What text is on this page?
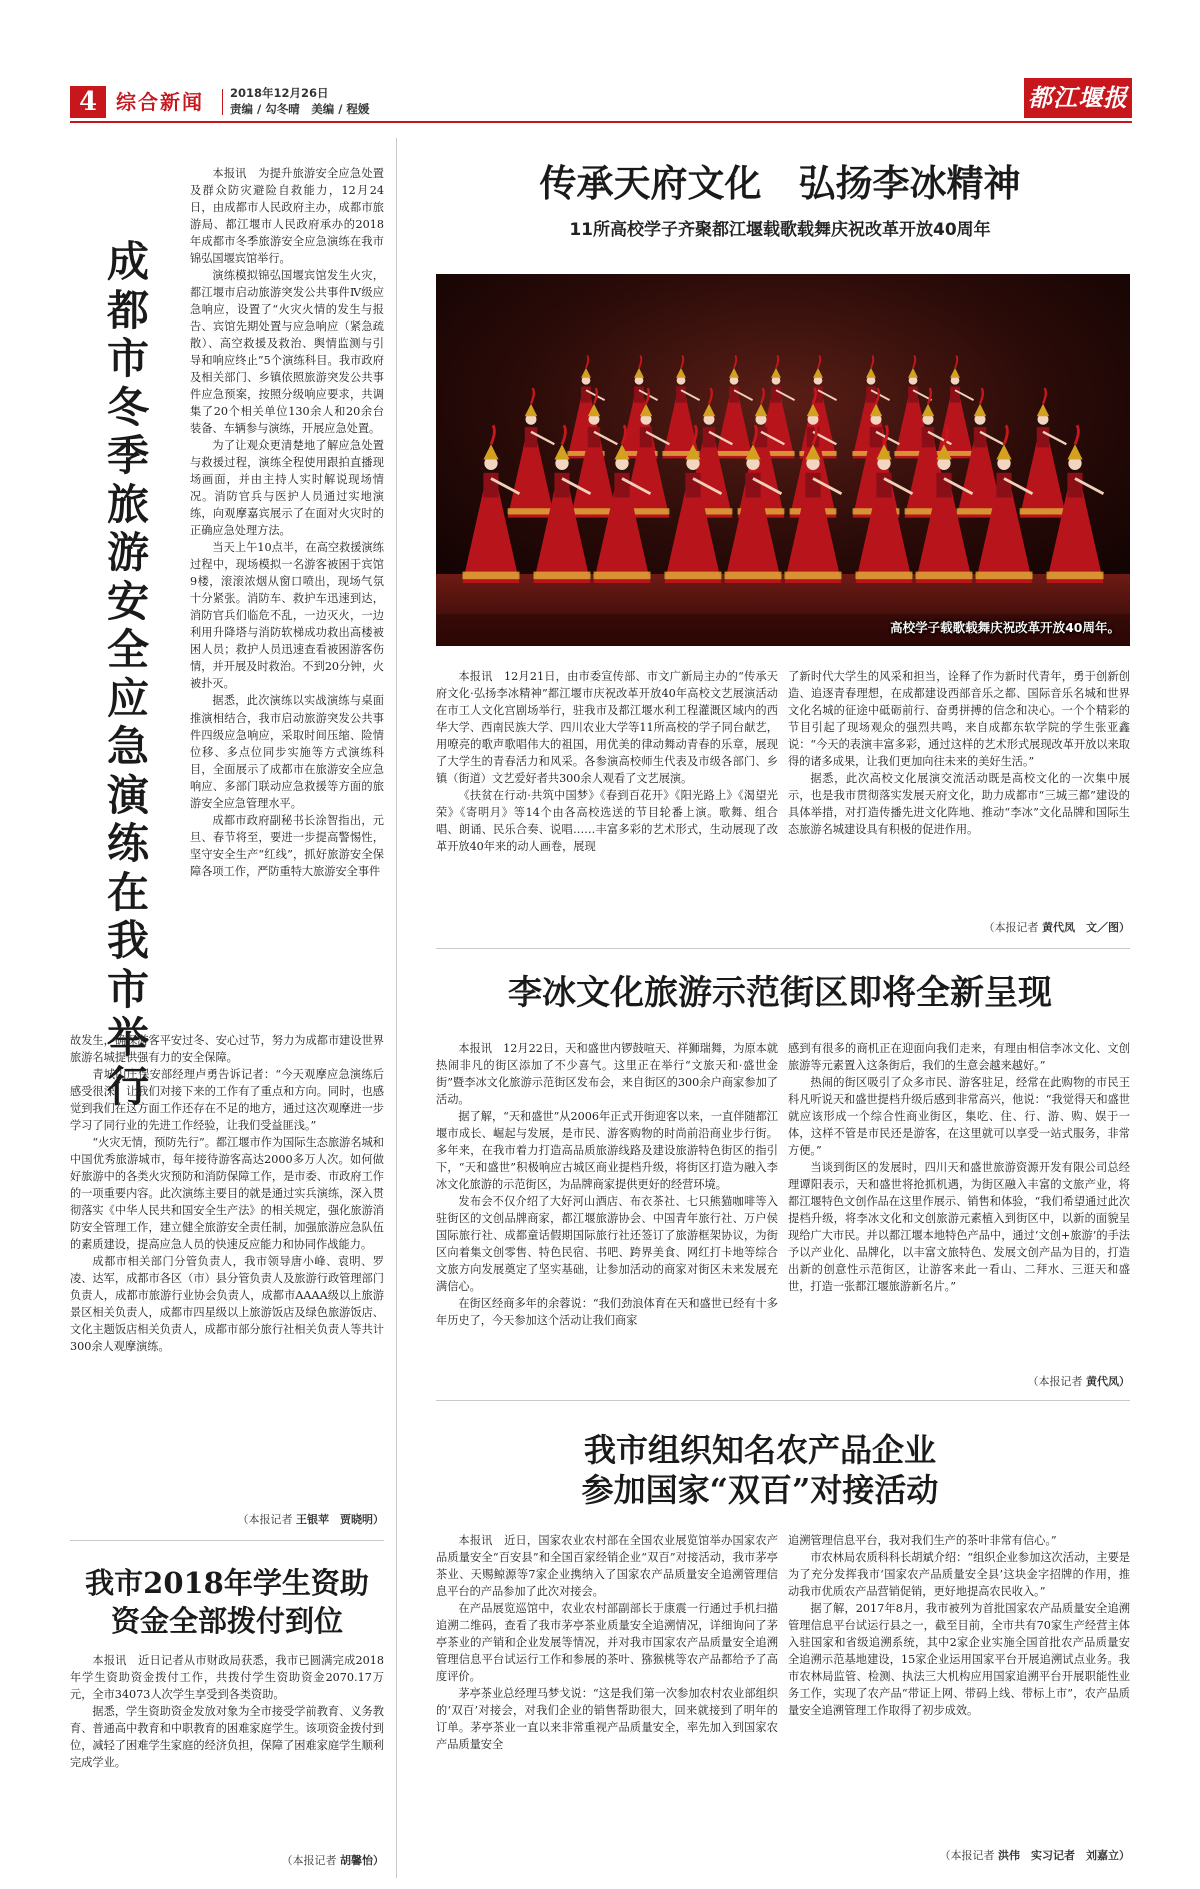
4 综合新闻 2018年12月26日
责编 / 勾冬晴　美编 / 程媛	都江堰报
成
都
市
冬
季
旅
游
安
全
应
急
演
练
在
我
市
举
行
本报讯　为提升旅游安全应急处置及群众防灾避险自救能力，12月24日，由成都市人民政府主办，成都市旅游局、都江堰市人民政府承办的2018年成都市冬季旅游安全应急演练在我市锦弘国堰宾馆举行。
演练模拟锦弘国堰宾馆发生火灾，都江堰市启动旅游突发公共事件Ⅳ级应急响应，设置了“火灾火情的发生与报告、宾馆先期处置与应急响应（紧急疏散）、高空救援及救治、舆情监测与引导和响应终止”5个演练科目。我市政府及相关部门、乡镇依照旅游突发公共事件应急预案，按照分级响应要求，共调集了20个相关单位130余人和20余台装备、车辆参与演练，开展应急处置。
为了让观众更清楚地了解应急处置与救援过程，演练全程使用跟拍直播现场画面，并由主持人实时解说现场情况。消防官兵与医护人员通过实地演练，向观摩嘉宾展示了在面对火灾时的正确应急处理方法。
当天上午10点半，在高空救援演练过程中，现场模拟一名游客被困于宾馆9楼，滚滚浓烟从窗口喷出，现场气氛十分紧张。消防车、救护车迅速到达，消防官兵们临危不乱，一边灭火，一边利用升降塔与消防软梯成功救出高楼被困人员；救护人员迅速查看被困游客伤情，并开展及时救治。不到20分钟，火被扑灭。
据悉，此次演练以实战演练与桌面推演相结合，我市启动旅游突发公共事件四级应急响应，采取时间压缩、险情位移、多点位同步实施等方式演练科目，全面展示了成都市在旅游安全应急响应、多部门联动应急救援等方面的旅游安全应急管理水平。
成都市政府副秘书长涂智指出，元旦、春节将至，要进一步提高警惕性，坚守安全生产“红线”，抓好旅游安全保障各项工作，严防重特大旅游安全事件
故发生，确保游客平安过冬、安心过节，努力为成都市建设世界旅游名城提供强有力的安全保障。
青城山庄保安部经理卢勇告诉记者：“今天观摩应急演练后感受很深，让我们对接下来的工作有了重点和方向。同时，也感觉到我们在这方面工作还存在不足的地方，通过这次观摩进一步学习了同行业的先进工作经验，让我们受益匪浅。”
“火灾无情，预防先行”。都江堰市作为国际生态旅游名城和中国优秀旅游城市，每年接待游客高达2000多万人次。如何做好旅游中的各类火灾预防和消防保障工作，是市委、市政府工作的一项重要内容。此次演练主要目的就是通过实兵演练，深入贯彻落实《中华人民共和国安全生产法》的相关规定，强化旅游消防安全管理工作，建立健全旅游安全责任制，加强旅游应急队伍的素质建设，提高应急人员的快速反应能力和协同作战能力。
成都市相关部门分管负责人，我市领导唐小峰、袁明、罗凌、达军，成都市各区（市）县分管负责人及旅游行政管理部门负责人，成都市旅游行业协会负责人，成都市AAAA级以上旅游景区相关负责人，成都市四星级以上旅游饭店及绿色旅游饭店、文化主题饭店相关负责人，成都市部分旅行社相关负责人等共计300余人观摩演练。
（本报记者 王银苹　贾晓明）
我市2018年学生资助
资金全部拨付到位
本报讯　近日记者从市财政局获悉，我市已圆满完成2018年学生资助资金拨付工作，共拨付学生资助资金2070.17万元，全市34073人次学生享受到各类资助。
据悉，学生资助资金发放对象为全市接受学前教育、义务教育、普通高中教育和中职教育的困难家庭学生。该项资金拨付到位，减轻了困难学生家庭的经济负担，保障了困难家庭学生顺利完成学业。
（本报记者 胡馨怡）
传承天府文化　弘扬李冰精神
11所高校学子齐聚都江堰载歌载舞庆祝改革开放40周年
高校学子载歌载舞庆祝改革开放40周年。
本报讯　12月21日，由市委宣传部、市文广新局主办的“传承天府文化·弘扬李冰精神”都江堰市庆祝改革开放40年高校文艺展演活动在市工人文化宫剧场举行，驻我市及都江堰水利工程灌溉区域内的西华大学、西南民族大学、四川农业大学等11所高校的学子同台献艺，用嘹亮的歌声歌唱伟大的祖国，用优美的律动舞动青春的乐章，展现了大学生的青春活力和风采。各参演高校师生代表及市级各部门、乡镇（街道）文艺爱好者共300余人观看了文艺展演。
《扶贫在行动·共筑中国梦》《春到百花开》《阳光路上》《渴望光荣》《寄明月》等14个由各高校选送的节目轮番上演。歌舞、组合唱、朗诵、民乐合奏、说唱……丰富多彩的艺术形式，生动展现了改革开放40年来的动人画卷，展现
了新时代大学生的风采和担当，诠释了作为新时代青年，勇于创新创造、追逐青春理想，在成都建设西部音乐之都、国际音乐名城和世界文化名城的征途中砥砺前行、奋勇拼搏的信念和决心。一个个精彩的节目引起了现场观众的强烈共鸣，来自成都东软学院的学生张亚鑫说：“今天的表演丰富多彩，通过这样的艺术形式展现改革开放以来取得的诸多成果，让我们更加向往未来的美好生活。”
据悉，此次高校文化展演交流活动既是高校文化的一次集中展示，也是我市贯彻落实发展天府文化，助力成都市“三城三都”建设的具体举措，对打造传播先进文化阵地、推动“李冰”文化品牌和国际生态旅游名城建设具有积极的促进作用。
（本报记者 黄代凤　文／图）
李冰文化旅游示范街区即将全新呈现
本报讯　12月22日，天和盛世内锣鼓喧天、祥狮瑞舞，为原本就热闹非凡的街区添加了不少喜气。这里正在举行“文旅天和·盛世金街”暨李冰文化旅游示范街区发布会，来自街区的300余户商家参加了活动。
据了解，“天和盛世”从2006年正式开街迎客以来，一直伴随都江堰市成长、崛起与发展，是市民、游客购物的时尚前沿商业步行街。多年来，在我市着力打造高品质旅游线路及建设旅游特色街区的指引下，“天和盛世”积极响应古城区商业提档升级，将街区打造为融入李冰文化旅游的示范街区，为品牌商家提供更好的经营环境。
发布会不仅介绍了大好河山酒店、布衣茶社、七只熊猫咖啡等入驻街区的文创品牌商家，都江堰旅游协会、中国青年旅行社、万户侯国际旅行社、成都童话假期国际旅行社还签订了旅游框架协议，为街区向着集文创零售、特色民宿、书吧、跨界美食、网红打卡地等综合文旅方向发展奠定了坚实基础，让参加活动的商家对街区未来发展充满信心。
在街区经商多年的余蓉说：“我们劲浪体育在天和盛世已经有十多年历史了，今天参加这个活动让我们商家
感到有很多的商机正在迎面向我们走来，有理由相信李冰文化、文创旅游等元素置入这条街后，我们的生意会越来越好。”
热闹的街区吸引了众多市民、游客驻足，经常在此购物的市民王科凡听说天和盛世提档升级后感到非常高兴，他说：“我觉得天和盛世就应该形成一个综合性商业街区，集吃、住、行、游、购、娱于一体，这样不管是市民还是游客，在这里就可以享受一站式服务，非常方便。”
当谈到街区的发展时，四川天和盛世旅游资源开发有限公司总经理谭阳表示，天和盛世将抢抓机遇，为街区融入丰富的文旅产业，将都江堰特色文创作品在这里作展示、销售和体验，“我们希望通过此次提档升级，将李冰文化和文创旅游元素植入到街区中，以新的面貌呈现给广大市民。并以都江堰本地特色产品中，通过‘文创+旅游’的手法予以产业化、品牌化，以丰富文旅特色、发展文创产品为目的，打造出新的创意性示范街区，让游客来此一看山、二拜水、三逛天和盛世，打造一张都江堰旅游新名片。”
（本报记者 黄代凤）
我市组织知名农产品企业
参加国家“双百”对接活动
本报讯　近日，国家农业农村部在全国农业展览馆举办国家农产品质量安全“百安县”和全国百家经销企业“双百”对接活动，我市茅亭茶业、天赐鲸源等7家企业携纳入了国家农产品质量安全追溯管理信息平台的产品参加了此次对接会。
在产品展览巡馆中，农业农村部副部长于康震一行通过手机扫描追溯二维码，查看了我市茅亭茶业质量安全追溯情况，详细询问了茅亭茶业的产销和企业发展等情况，并对我市国家农产品质量安全追溯管理信息平台试运行工作和参展的茶叶、猕猴桃等农产品都给予了高度评价。
茅亭茶业总经理马梦戈说：“这是我们第一次参加农村农业部组织的‘双百’对接会，对我们企业的销售帮助很大，回来就接到了明年的订单。茅亭茶业一直以来非常重视产品质量安全，率先加入到国家农产品质量安全
追溯管理信息平台，我对我们生产的茶叶非常有信心。”
市农林局农质科科长胡斌介绍：“组织企业参加这次活动，主要是为了充分发挥我市‘国家农产品质量安全县’这块金字招牌的作用，推动我市优质农产品营销促销，更好地提高农民收入。”
据了解，2017年8月，我市被列为首批国家农产品质量安全追溯管理信息平台试运行县之一，截至目前，全市共有70家生产经营主体入驻国家和省级追溯系统，其中2家企业实施全国首批农产品质量安全追溯示范基地建设，15家企业运用国家平台开展追溯试点业务。我市农林局监管、检测、执法三大机构应用国家追溯平台开展职能性业务工作，实现了农产品“带证上网、带码上线、带标上市”，农产品质量安全追溯管理工作取得了初步成效。
（本报记者 洪伟　实习记者　刘嘉立）
